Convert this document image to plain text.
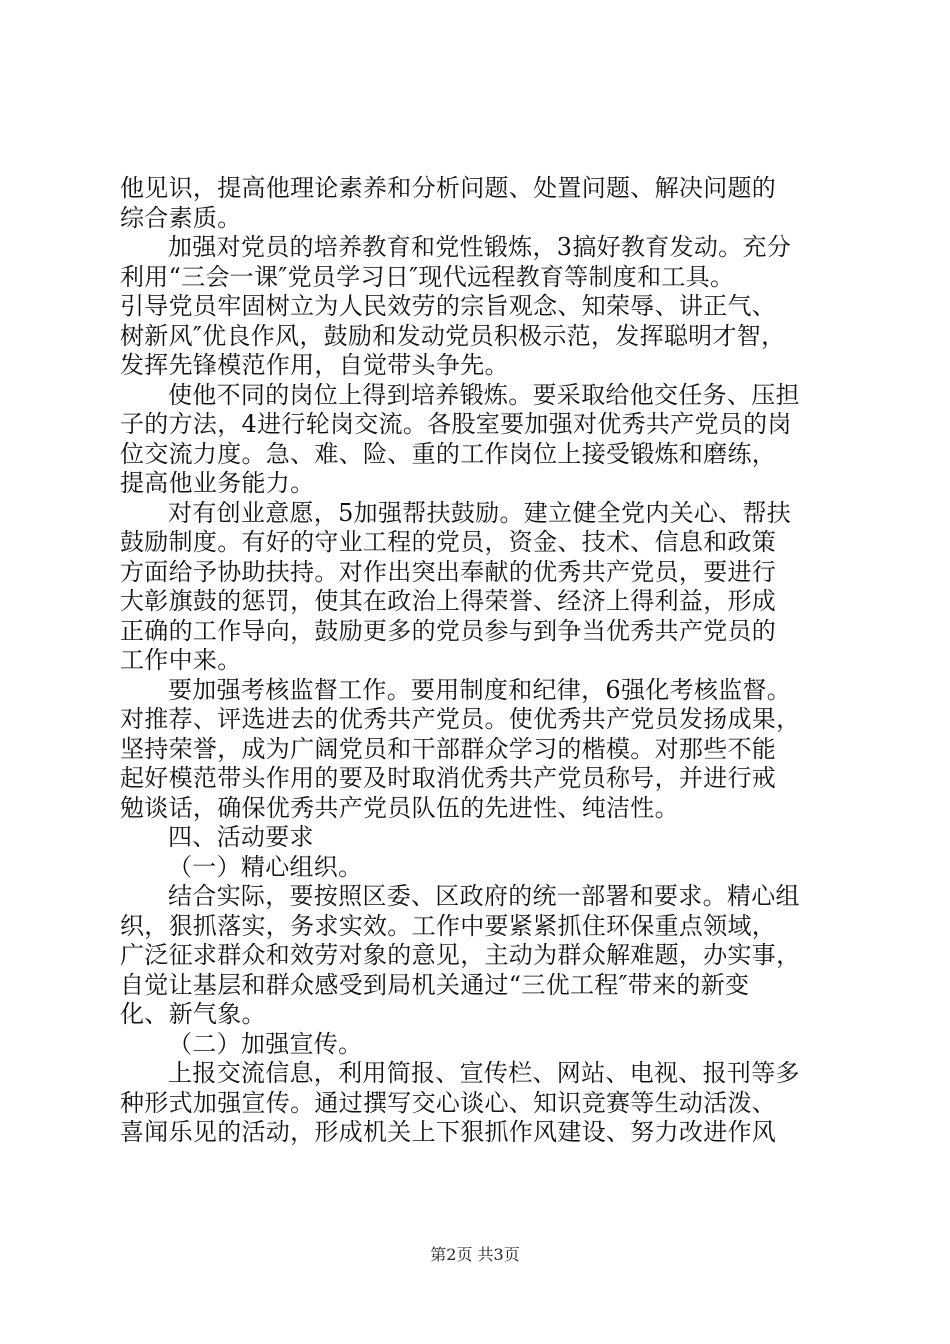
他见识，提高他理论素养和分析问题、处置问题、解决问题的
综合素质。
加强对党员的培养教育和党性锻炼，3搞好教育发动。充分
利用“三会一课″党员学习日″现代远程教育等制度和工具。
引导党员牢固树立为人民效劳的宗旨观念、知荣辱、讲正气、
树新风″优良作风，鼓励和发动党员积极示范，发挥聪明才智，
发挥先锋模范作用，自觉带头争先。
使他不同的岗位上得到培养锻炼。要采取给他交任务、压担
子的方法，4进行轮岗交流。各股室要加强对优秀共产党员的岗
位交流力度。急、难、险、重的工作岗位上接受锻炼和磨练，
提高他业务能力。
对有创业意愿，5加强帮扶鼓励。建立健全党内关心、帮扶
鼓励制度。有好的守业工程的党员，资金、技术、信息和政策
方面给予协助扶持。对作出突出奉献的优秀共产党员，要进行
大彰旗鼓的惩罚，使其在政治上得荣誉、经济上得利益，形成
正确的工作导向，鼓励更多的党员参与到争当优秀共产党员的
工作中来。
要加强考核监督工作。要用制度和纪律，6强化考核监督。
对推荐、评选进去的优秀共产党员。使优秀共产党员发扬成果，
坚持荣誉，成为广阔党员和干部群众学习的楷模。对那些不能
起好模范带头作用的要及时取消优秀共产党员称号，并进行戒
勉谈话，确保优秀共产党员队伍的先进性、纯洁性。
四、活动要求
（一）精心组织。
结合实际，要按照区委、区政府的统一部署和要求。精心组
织，狠抓落实，务求实效。工作中要紧紧抓住环保重点领域，
广泛征求群众和效劳对象的意见，主动为群众解难题，办实事，
自觉让基层和群众感受到局机关通过“三优工程″带来的新变
化、新气象。
（二）加强宣传。
上报交流信息，利用简报、宣传栏、网站、电视、报刊等多
种形式加强宣传。通过撰写交心谈心、知识竞赛等生动活泼、
喜闻乐见的活动，形成机关上下狠抓作风建设、努力改进作风
第2页 共3页
